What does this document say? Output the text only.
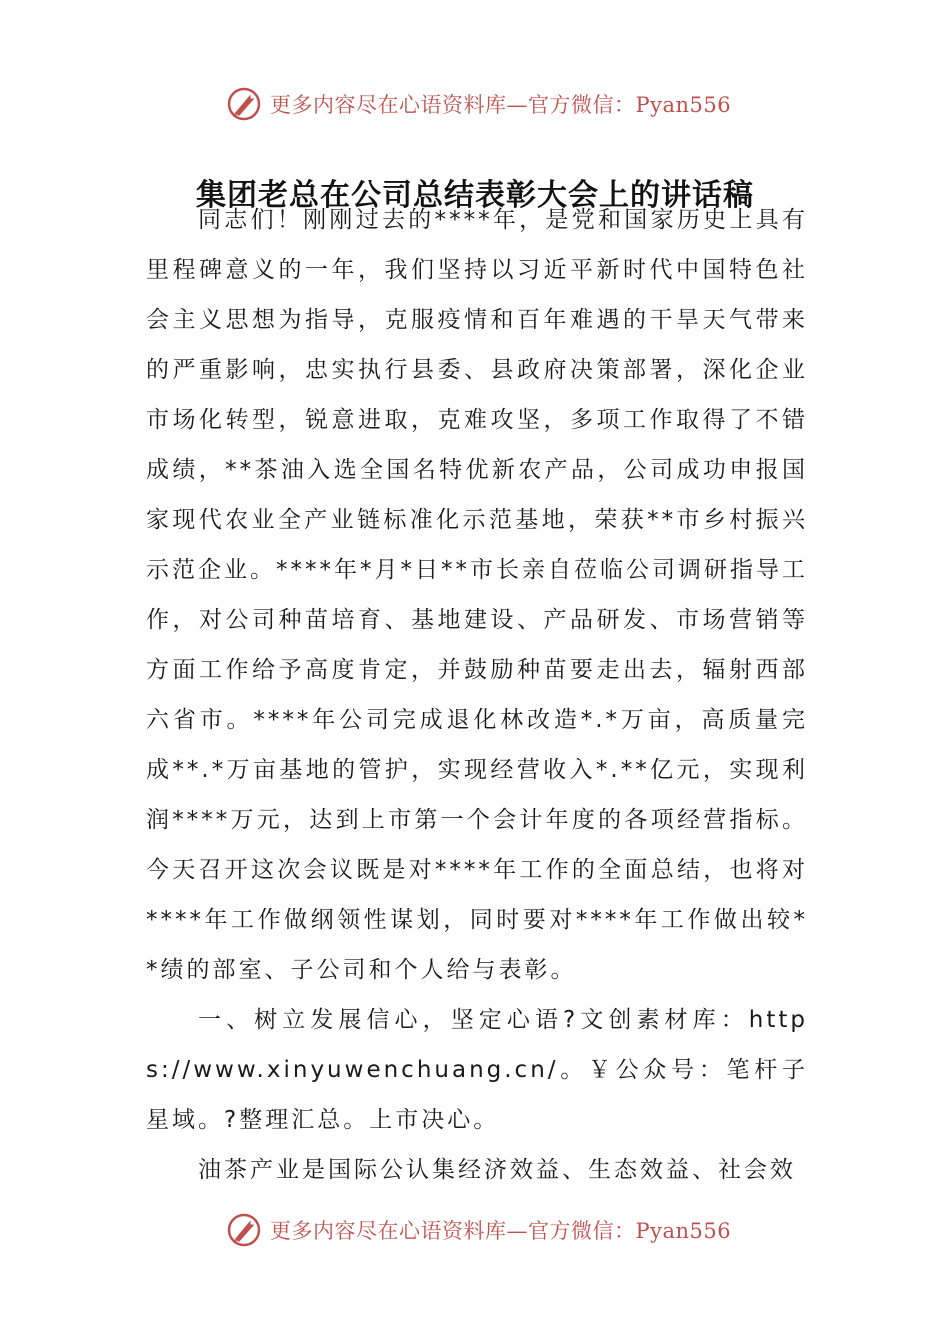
更多内容尽在心语资料库—官方微信：Pyan556
集团老总在公司总结表彰大会上的讲话稿

同志们！刚刚过去的****年，是党和国家历史上具有里程碑意义的一年，我们坚持以习近平新时代中国特色社会主义思想为指导，克服疫情和百年难遇的干旱天气带来的严重影响，忠实执行县委、县政府决策部署，深化企业市场化转型，锐意进取，克难攻坚，多项工作取得了不错成绩，**茶油入选全国名特优新农产品，公司成功申报国家现代农业全产业链标准化示范基地，荣获**市乡村振兴示范企业。****年*月*日**市长亲自莅临公司调研指导工作，对公司种苗培育、基地建设、产品研发、市场营销等方面工作给予高度肯定，并鼓励种苗要走出去，辐射西部六省市。****年公司完成退化林改造*.*万亩，高质量完成**.*万亩基地的管护，实现经营收入*.**亿元，实现利润****万元，达到上市第一个会计年度的各项经营指标。今天召开这次会议既是对****年工作的全面总结，也将对****年工作做纲领性谋划，同时要对****年工作做出较**绩的部室、子公司和个人给与表彰。

一、树立发展信心，坚定心语?文创素材库：https://www.xinyuwenchuang.cn/。￥公众号：笔杆子星域。?整理汇总。上市决心。

油茶产业是国际公认集经济效益、生态效益、社会效

更多内容尽在心语资料库—官方微信：Pyan556
